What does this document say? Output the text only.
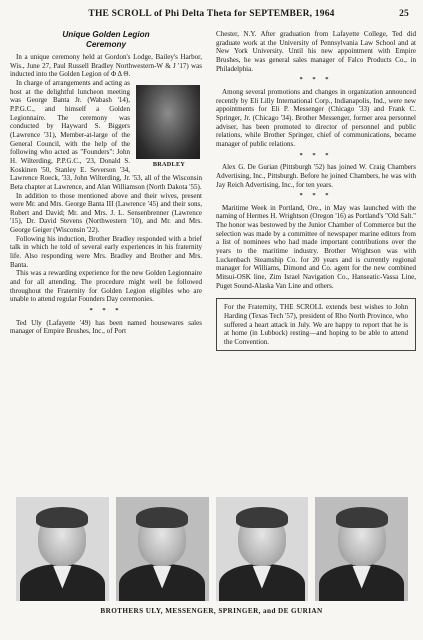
THE SCROLL of Phi Delta Theta for SEPTEMBER, 1964	25
Unique Golden Legion
Ceremony

In a unique ceremony held at Gordon's Lodge, Bailey's Harbor, Wis., June 27, Paul Russell Bradley Northwestern-W & J '17) was inducted into the Golden Legion of Φ Δ Θ.

BRADLEY

In charge of arrangements and acting as host at the delightful luncheon meeting was George Banta Jr. (Wabash '14), P.P.G.C., and himself a Golden Legionnaire. The ceremony was conducted by Hayward S. Biggers (Lawrence '31), Member-at-large of the General Council, with the help of the following who acted as "Founders": John H. Wilterding, P.P.G.C., '23, Donald S. Koskinen '50, Stanley E. Severson '34, Lawrence Roeck, '33, John Wilterding, Jr. '53, all of the Wisconsin Beta chapter at Lawrence, and Alan Williamson (North Dakota '55).

In addition to those mentioned above and their wives, present were Mr. and Mrs. George Banta III (Lawrence '45) and their sons, Robert and David; Mr. and Mrs. J. L. Sensenbrenner (Lawrence '15), Dr. David Stevens (Northwestern '10), and Mr. and Mrs. George Geiger (Wisconsin '22).

Following his induction, Brother Bradley responded with a brief talk in which he told of several early experiences in his fraternity life. Also responding were Mrs. Bradley and Brother and Mrs. Banta.

This was a rewarding experience for the new Golden Legionnaire and for all attending. The procedure might well be followed throughout the Fraternity for Golden Legion eligibles who are unable to attend regular Founders Day ceremonies.

* * *

Ted Uly (Lafayette '49) has been named housewares sales manager of Empire Brushes, Inc., of Port

Chester, N.Y. After graduation from Lafayette College, Ted did graduate work at the University of Pennsylvania Law School and at New York University. Until his new appointment with Empire Brushes, he was general sales manager of Falco Products Co., in Philadelphia.

* * *

Among several promotions and changes in organization announced recently by Eli Lilly International Corp., Indianapolis, Ind., were new appointments for Eli P. Messenger (Chicago '33) and Frank C. Springer, Jr. (Chicago '34). Brother Messenger, former area personnel adviser, has been promoted to director of personnel and public relations, while Brother Springer, chief of communications, became manager of public relations.

* * *

Alex G. De Gurian (Pittsburgh '52) has joined W. Craig Chambers Advertising, Inc., Pittsburgh. Before he joined Chambers, he was with Jay Reich Advertising, Inc., for ten years.

* * *

Maritime Week in Portland, Ore., in May was launched with the naming of Hermes H. Wrightson (Oregon '16) as Portland's "Old Salt." The honor was bestowed by the Junior Chamber of Commerce but the selection was made by a committee of newspaper marine editors from a list of nominees who had made important contributions over the years to the maritime industry. Brother Wrightson was with Luckenbach Steamship Co. for 20 years and is currently regional manager for Williams, Dimond and Co. agent for the new combined Mitsui-OSK line, Zim Israel Navigation Co., Hanseatic-Vassa Line, Puget Sound-Alaska Van Line and others.

For the Fraternity, THE SCROLL extends best wishes to John Harding (Texas Tech '57), president of Rho North Province, who suffered a heart attack in July. We are happy to report that he is at home (in Lubbock) resting—and hoping to be able to attend the Convention.
BROTHERS ULY, MESSENGER, SPRINGER, and DE GURIAN
